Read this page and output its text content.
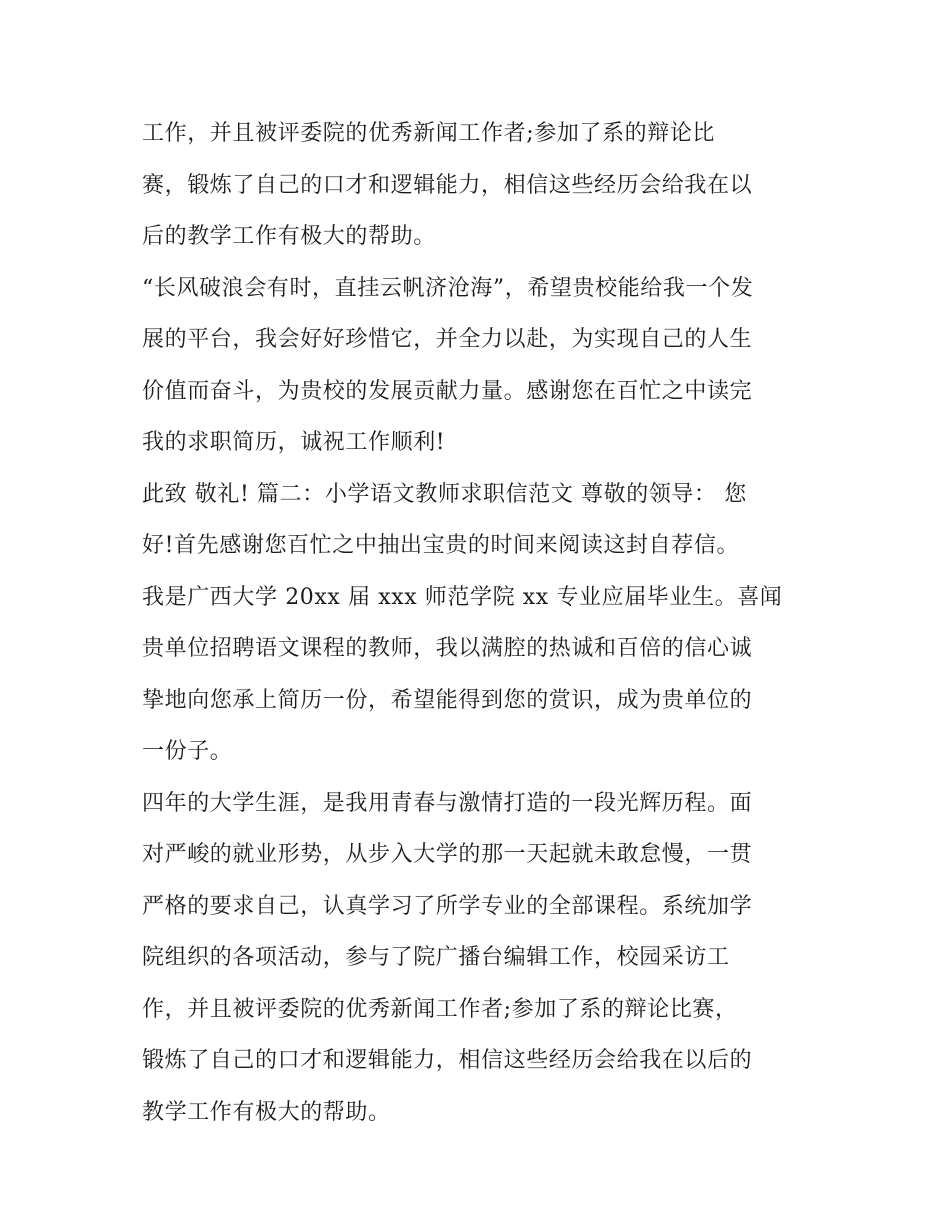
工作，并且被评委院的优秀新闻工作者;参加了系的辩论比
赛，锻炼了自己的口才和逻辑能力，相信这些经历会给我在以
后的教学工作有极大的帮助。
“长风破浪会有时，直挂云帆济沧海”，希望贵校能给我一个发
展的平台，我会好好珍惜它，并全力以赴，为实现自己的人生
价值而奋斗，为贵校的发展贡献力量。感谢您在百忙之中读完
我的求职简历，诚祝工作顺利!
此致 敬礼! 篇二：小学语文教师求职信范文 尊敬的领导： 您
好!首先感谢您百忙之中抽出宝贵的时间来阅读这封自荐信。
我是广西大学 20xx 届 xxx 师范学院 xx 专业应届毕业生。喜闻
贵单位招聘语文课程的教师，我以满腔的热诚和百倍的信心诚
挚地向您承上简历一份，希望能得到您的赏识，成为贵单位的
一份子。
四年的大学生涯，是我用青春与激情打造的一段光辉历程。面
对严峻的就业形势，从步入大学的那一天起就未敢怠慢，一贯
严格的要求自己，认真学习了所学专业的全部课程。系统加学
院组织的各项活动，参与了院广播台编辑工作，校园采访工
作，并且被评委院的优秀新闻工作者;参加了系的辩论比赛，
锻炼了自己的口才和逻辑能力，相信这些经历会给我在以后的
教学工作有极大的帮助。
